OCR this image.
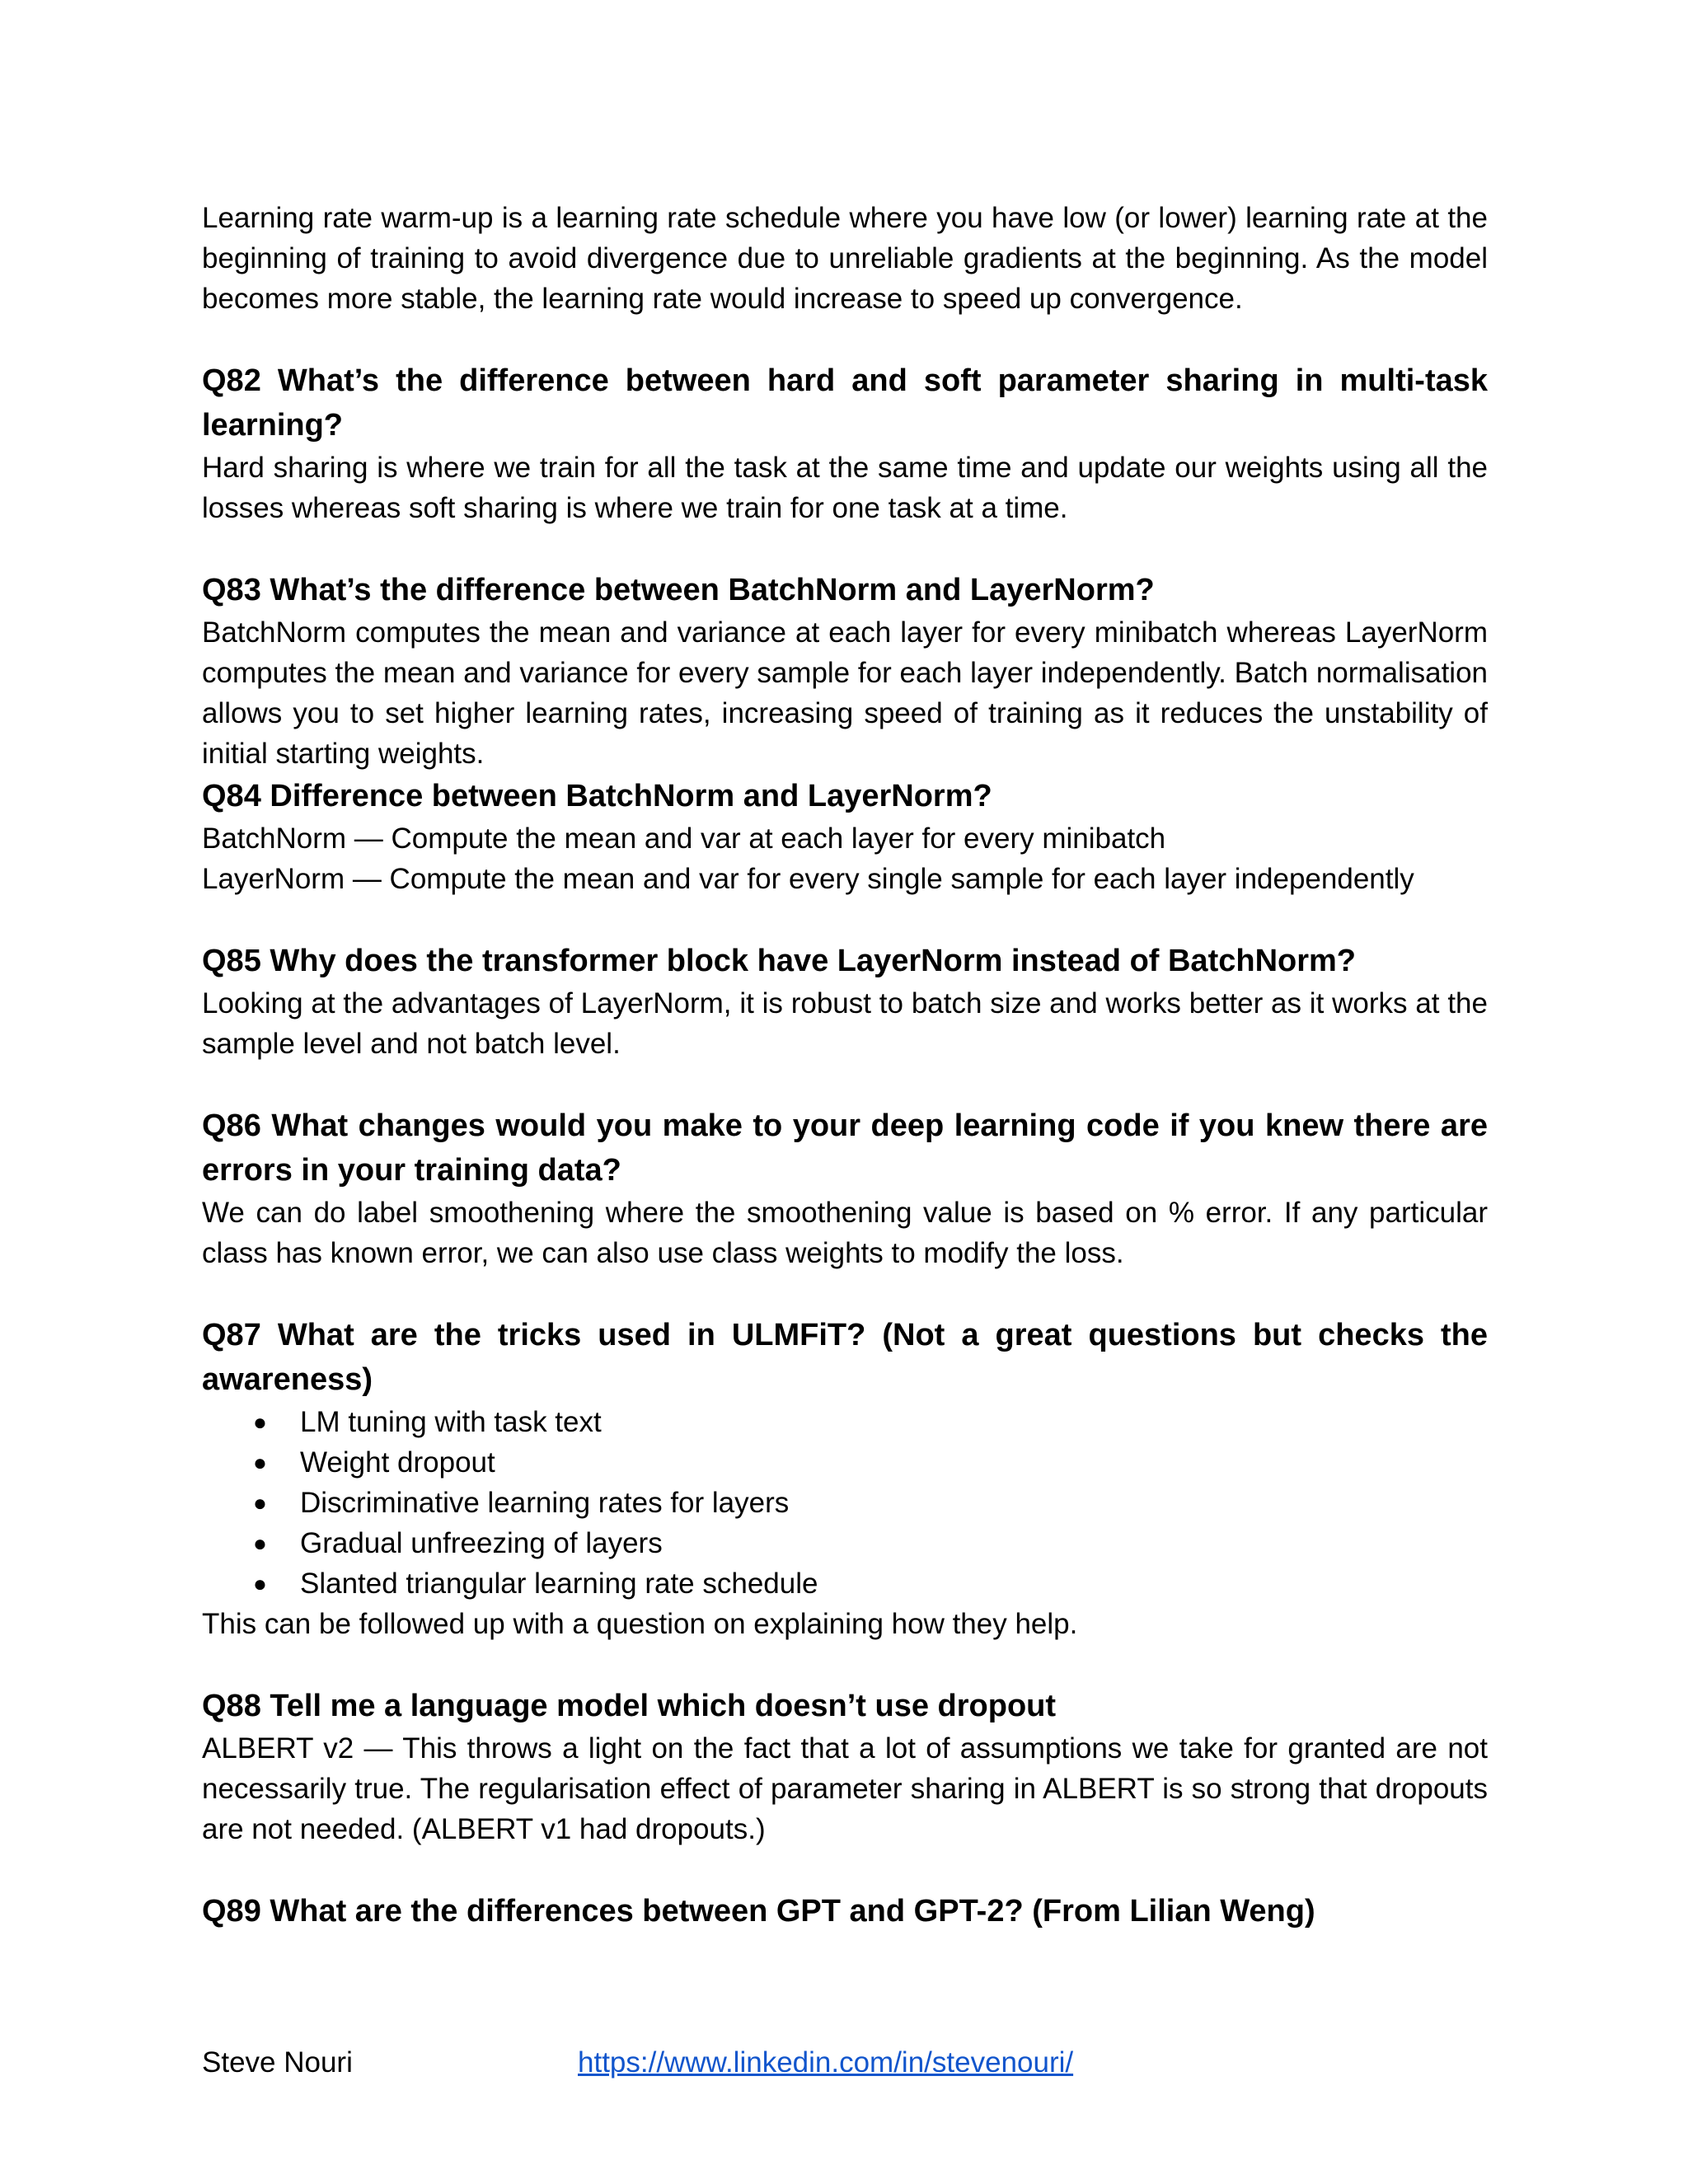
Learning rate warm-up is a learning rate schedule where you have low (or lower) learning rate at the beginning of training to avoid divergence due to unreliable gradients at the beginning. As the model becomes more stable, the learning rate would increase to speed up convergence.

Q82 What’s the difference between hard and soft parameter sharing in multi-task learning?

Hard sharing is where we train for all the task at the same time and update our weights using all the losses whereas soft sharing is where we train for one task at a time.

Q83 What’s the difference between BatchNorm and LayerNorm?

BatchNorm computes the mean and variance at each layer for every minibatch whereas LayerNorm computes the mean and variance for every sample for each layer independently. Batch normalisation allows you to set higher learning rates, increasing speed of training as it reduces the unstability of initial starting weights.

Q84 Difference between BatchNorm and LayerNorm?

BatchNorm — Compute the mean and var at each layer for every minibatch

LayerNorm — Compute the mean and var for every single sample for each layer independently

Q85 Why does the transformer block have LayerNorm instead of BatchNorm?

Looking at the advantages of LayerNorm, it is robust to batch size and works better as it works at the sample level and not batch level.

Q86 What changes would you make to your deep learning code if you knew there are errors in your training data?

We can do label smoothening where the smoothening value is based on % error. If any particular class has known error, we can also use class weights to modify the loss.

Q87 What are the tricks used in ULMFiT? (Not a great questions but checks the awareness)
● LM tuning with task text
● Weight dropout
● Discriminative learning rates for layers
● Gradual unfreezing of layers
● Slanted triangular learning rate schedule

This can be followed up with a question on explaining how they help.

Q88 Tell me a language model which doesn’t use dropout

ALBERT v2 — This throws a light on the fact that a lot of assumptions we take for granted are not necessarily true. The regularisation effect of parameter sharing in ALBERT is so strong that dropouts are not needed. (ALBERT v1 had dropouts.)

Q89 What are the differences between GPT and GPT-2? (From Lilian Weng)
Steve Nouri	https://www.linkedin.com/in/stevenouri/
